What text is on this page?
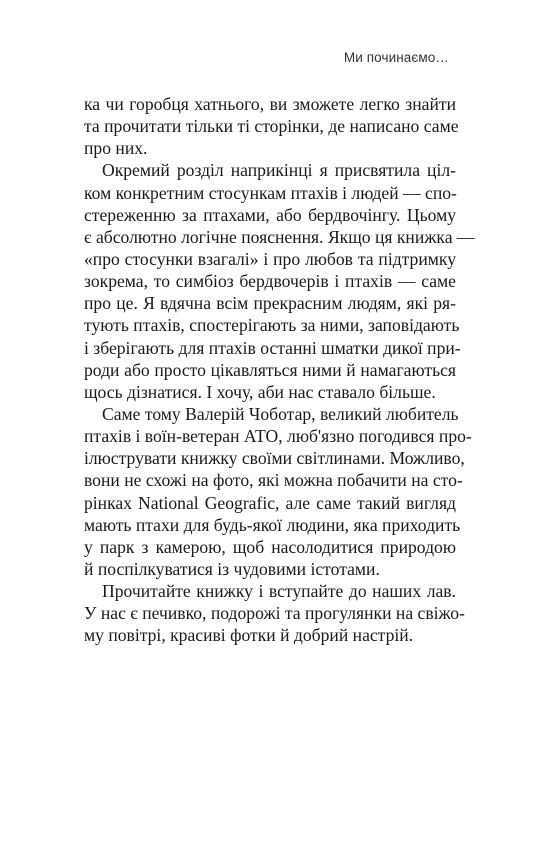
Ми починаємо…
ка чи горобця хатнього, ви зможете легко знайти
та прочитати тільки ті сторінки, де написано саме
про них.
Окремий розділ наприкінці я присвятила ціл-
ком конкретним стосункам птахів і людей — спо-
стереженню за птахами, або бердвочінгу. Цьому
є абсолютно логічне пояснення. Якщо ця книжка —
«про стосунки взагалі» і про любов та підтримку
зокрема, то симбіоз бердвочерів і птахів — саме
про це. Я вдячна всім прекрасним людям, які ря-
тують птахів, спостерігають за ними, заповідають
і зберігають для птахів останні шматки дикої при-
роди або просто цікавляться ними й намагаються
щось дізнатися. І хочу, аби нас ставало більше.
Саме тому Валерій Чоботар, великий любитель
птахів і воїн-ветеран АТО, люб'язно погодився про-
ілюструвати книжку своїми світлинами. Можливо,
вони не схожі на фото, які можна побачити на сто-
рінках National Geografic, але саме такий вигляд
мають птахи для будь-якої людини, яка приходить
у парк з камерою, щоб насолодитися природою
й поспілкуватися із чудовими істотами.
Прочитайте книжку і вступайте до наших лав.
У нас є печивко, подорожі та прогулянки на свіжо-
му повітрі, красиві фотки й добрий настрій.
